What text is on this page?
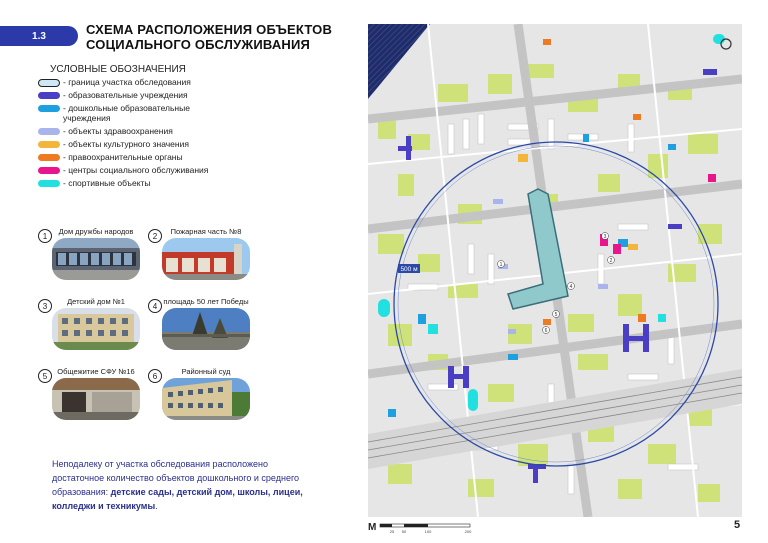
1.3	СХЕМА РАСПОЛОЖЕНИЯ ОБЪЕКТОВ
СОЦИАЛЬНОГО ОБСЛУЖИВАНИЯ
УСЛОВНЫЕ ОБОЗНАЧЕНИЯ
- граница участка обследования
- образовательные учреждения
- дошкольные образовательные учреждения
- объекты здравоохранения
- объекты культурного значения
- правоохранительные органы
- центры социального обслуживания
- спортивные объекты
1	Дом дружбы народов	2	Пожарная часть №8
3	Детский дом №1	4 площадь 50 лет Победы
5	Общежитие СФУ №16	6	Районный суд
Неподалеку от участка обследования расположено достаточное количество объектов дошкольного и среднего образования: детские сады, детский дом, школы, лицеи, колледжи и техникумы.
500 м
1
2
3
4
5
6
М	25 50	100	200
5
